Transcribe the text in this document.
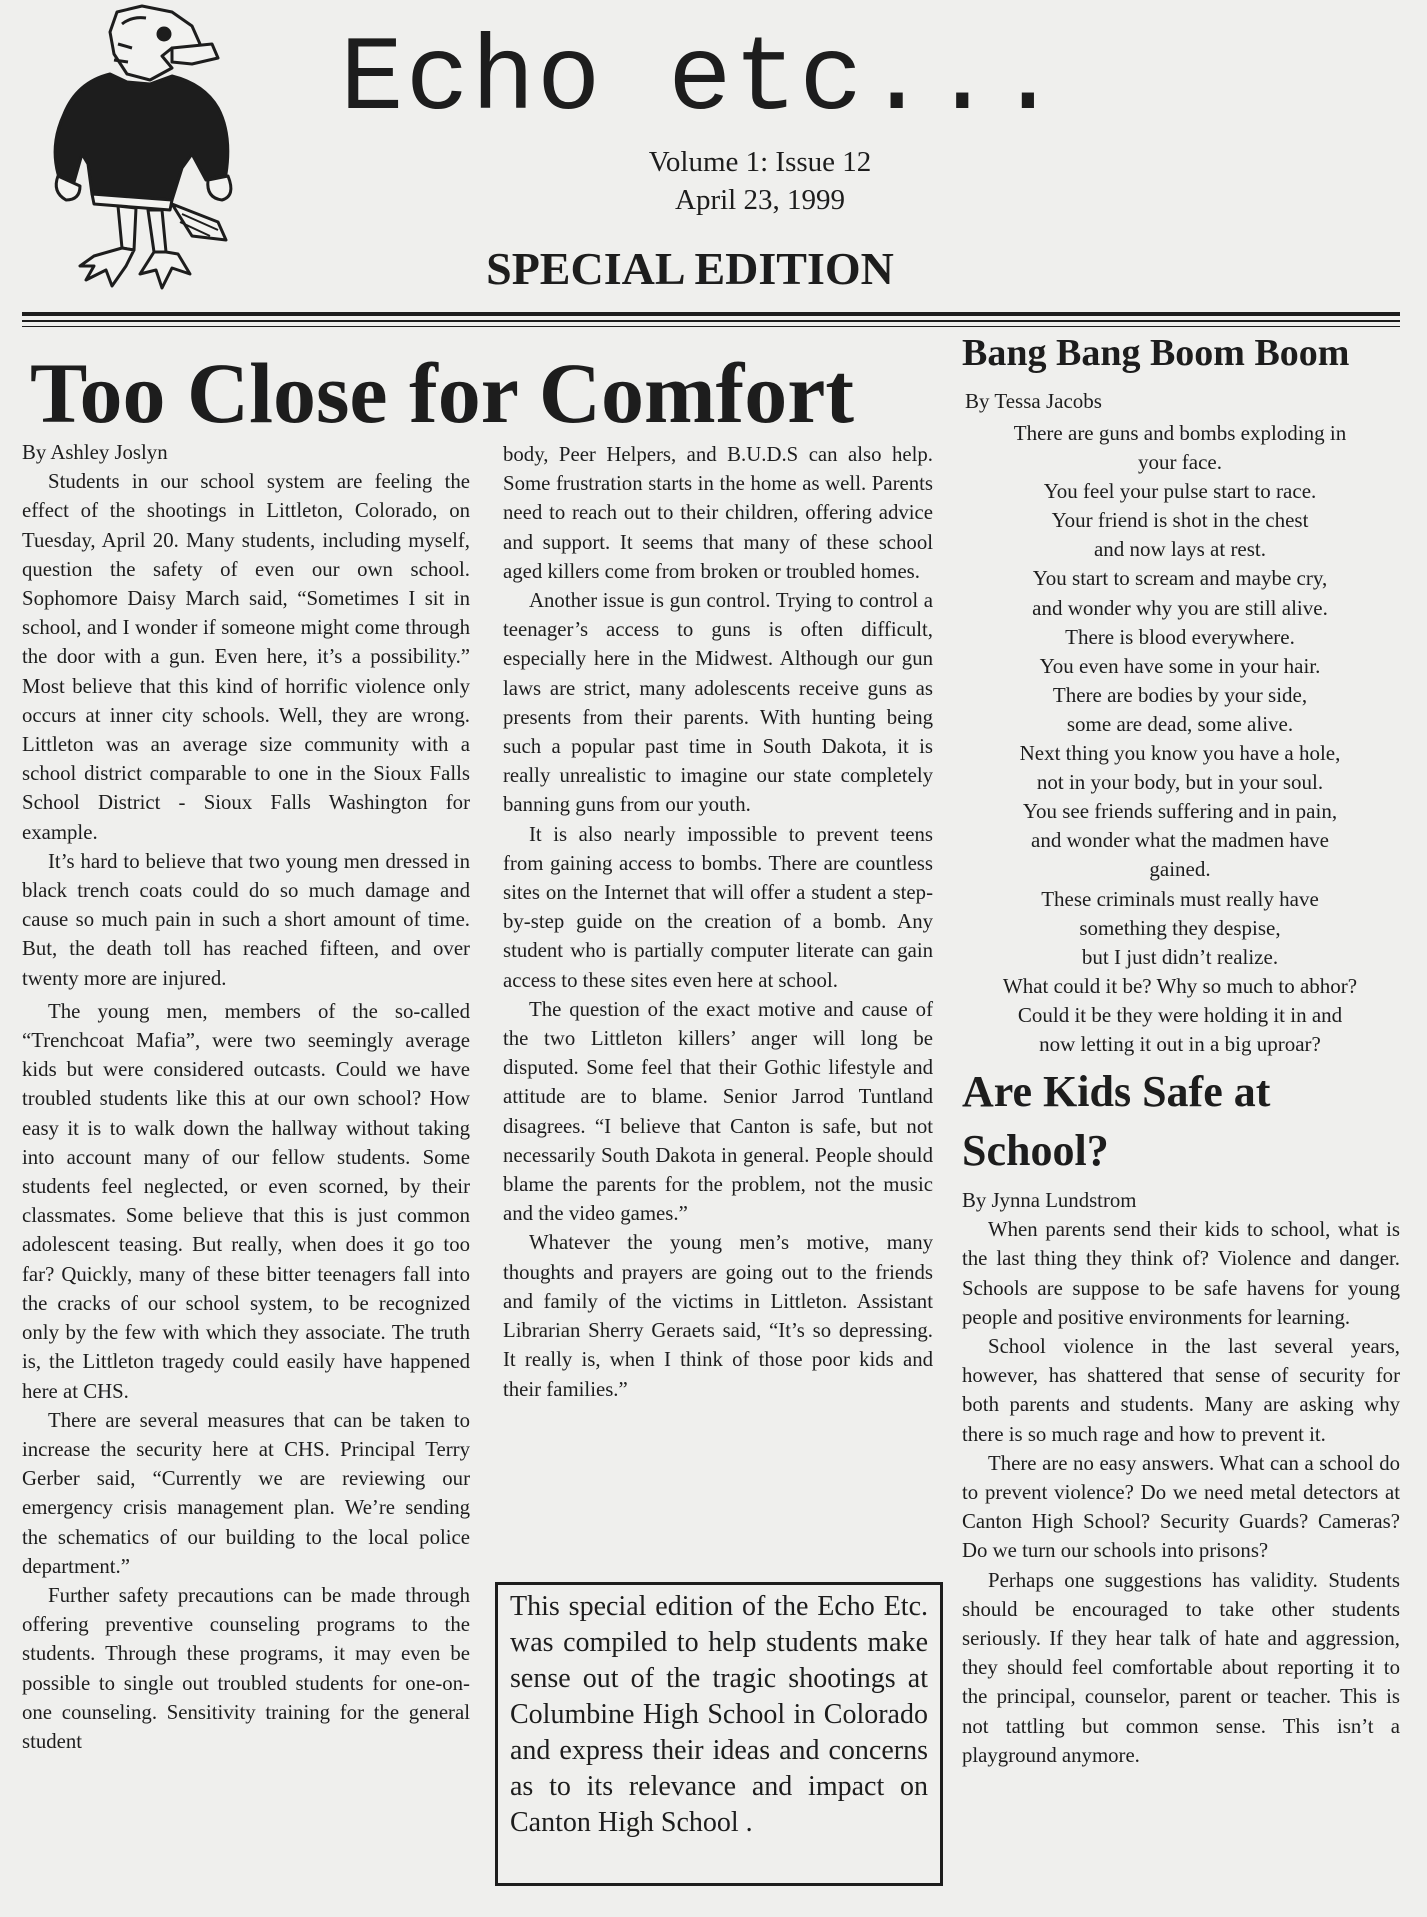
Echo etc...
Volume 1: Issue 12
April 23, 1999
SPECIAL EDITION
Too Close for Comfort

By Ashley Joslyn

Students in our school system are feeling the effect of the shootings in Littleton, Colorado, on Tuesday, April 20. Many students, including myself, question the safety of even our own school. Sophomore Daisy March said, “Sometimes I sit in school, and I wonder if someone might come through the door with a gun. Even here, it’s a possibility.” Most believe that this kind of horrific violence only occurs at inner city schools. Well, they are wrong. Littleton was an average size community with a school district comparable to one in the Sioux Falls School District - Sioux Falls Washington for example.

It’s hard to believe that two young men dressed in black trench coats could do so much damage and cause so much pain in such a short amount of time. But, the death toll has reached fifteen, and over twenty more are injured.

The young men, members of the so-called “Trenchcoat Mafia”, were two seemingly average kids but were considered outcasts. Could we have troubled students like this at our own school? How easy it is to walk down the hallway without taking into account many of our fellow students. Some students feel neglected, or even scorned, by their classmates. Some believe that this is just common adolescent teasing. But really, when does it go too far? Quickly, many of these bitter teenagers fall into the cracks of our school system, to be recognized only by the few with which they associate. The truth is, the Littleton tragedy could easily have happened here at CHS.

There are several measures that can be taken to increase the security here at CHS. Principal Terry Gerber said, “Currently we are reviewing our emergency crisis management plan. We’re sending the schematics of our building to the local police department.”

Further safety precautions can be made through offering preventive counseling programs to the students. Through these programs, it may even be possible to single out troubled students for one-on-one counseling. Sensitivity training for the general student

body, Peer Helpers, and B.U.D.S can also help. Some frustration starts in the home as well. Parents need to reach out to their children, offering advice and support. It seems that many of these school aged killers come from broken or troubled homes.

Another issue is gun control. Trying to control a teenager’s access to guns is often difficult, especially here in the Midwest. Although our gun laws are strict, many adolescents receive guns as presents from their parents. With hunting being such a popular past time in South Dakota, it is really unrealistic to imagine our state completely banning guns from our youth.

It is also nearly impossible to prevent teens from gaining access to bombs. There are countless sites on the Internet that will offer a student a step-by-step guide on the creation of a bomb. Any student who is partially computer literate can gain access to these sites even here at school.

The question of the exact motive and cause of the two Littleton killers’ anger will long be disputed. Some feel that their Gothic lifestyle and attitude are to blame. Senior Jarrod Tuntland disagrees. “I believe that Canton is safe, but not necessarily South Dakota in general. People should blame the parents for the problem, not the music and the video games.”

Whatever the young men’s motive, many thoughts and prayers are going out to the friends and family of the victims in Littleton. Assistant Librarian Sherry Geraets said, “It’s so depressing. It really is, when I think of those poor kids and their families.”

This special edition of the Echo Etc. was compiled to help students make sense out of the tragic shootings at Columbine High School in Colorado and express their ideas and concerns as to its relevance and impact on Canton High School .
Bang Bang Boom Boom
By Tessa Jacobs
There are guns and bombs exploding in
your face.
You feel your pulse start to race.
Your friend is shot in the chest
and now lays at rest.
You start to scream and maybe cry,
and wonder why you are still alive.
There is blood everywhere.
You even have some in your hair.
There are bodies by your side,
some are dead, some alive.
Next thing you know you have a hole,
not in your body, but in your soul.
You see friends suffering and in pain,
and wonder what the madmen have
gained.
These criminals must really have
something they despise,
but I just didn’t realize.
What could it be? Why so much to abhor?
Could it be they were holding it in and
now letting it out in a big uproar?
Are Kids Safe at School?

By Jynna Lundstrom

When parents send their kids to school, what is the last thing they think of? Violence and danger. Schools are suppose to be safe havens for young people and positive environments for learning.

School violence in the last several years, however, has shattered that sense of security for both parents and students. Many are asking why there is so much rage and how to prevent it.

There are no easy answers. What can a school do to prevent violence? Do we need metal detectors at Canton High School? Security Guards? Cameras? Do we turn our schools into prisons?

Perhaps one suggestions has validity. Students should be encouraged to take other students seriously. If they hear talk of hate and aggression, they should feel comfortable about reporting it to the principal, counselor, parent or teacher. This is not tattling but common sense. This isn’t a playground anymore.
